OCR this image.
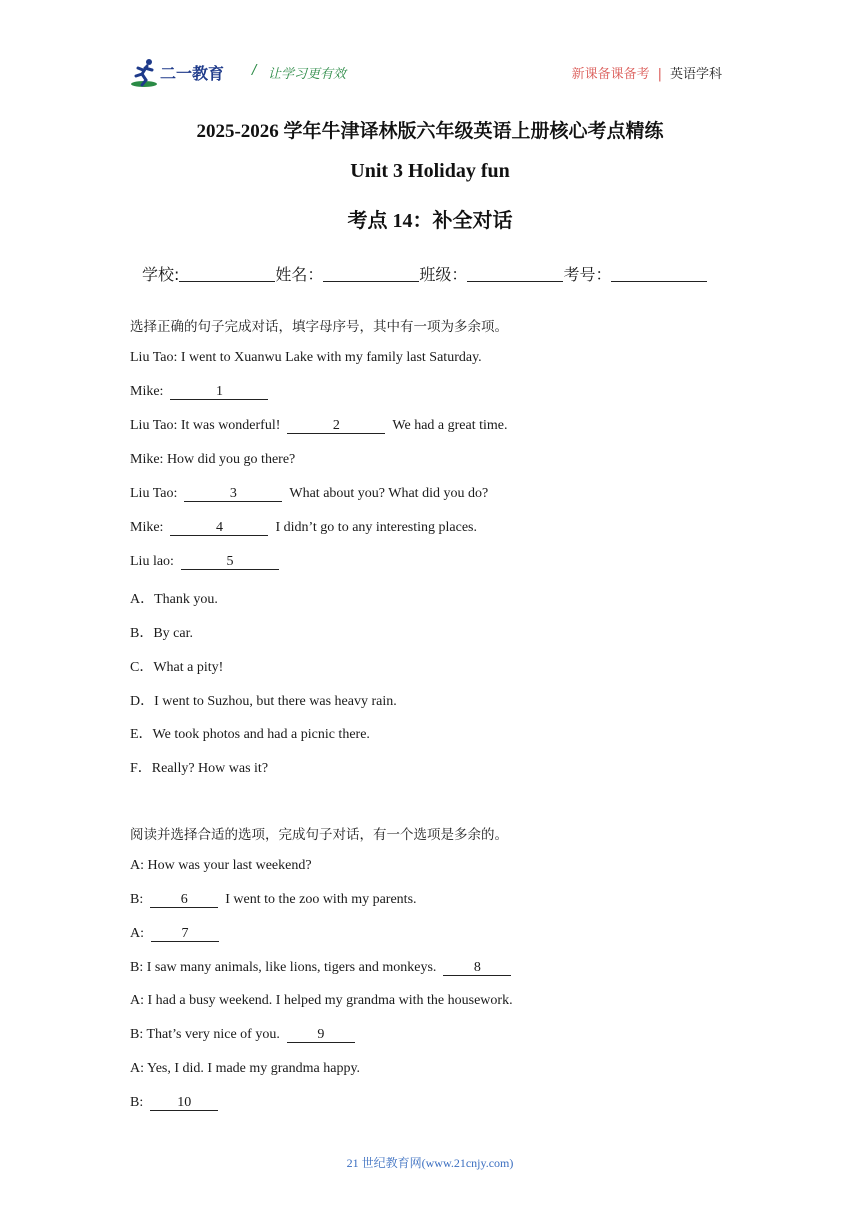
二一教育 / 让学习更有效	新课备课备考 | 英语学科
2025-2026 学年牛津译林版六年级英语上册核心考点精练
Unit 3 Holiday fun
考点 14：补全对话
学校:	姓名：	班级：	考号：
选择正确的句子完成对话，填字母序号，其中有一项为多余项。
Liu Tao: I went to Xuanwu Lake with my family last Saturday.
Mike:	1
Liu Tao: It was wonderful!	2	We had a great time.
Mike: How did you go there?
Liu Tao:	3	What about you? What did you do?
Mike:	4	I didn’t go to any interesting places.
Liu lao:	5
A．Thank you.
B．By car.
C．What a pity!
D．I went to Suzhou, but there was heavy rain.
E．We took photos and had a picnic there.
F．Really? How was it?
阅读并选择合适的选项，完成句子对话，有一个选项是多余的。
A: How was your last weekend?
B:	6	I went to the zoo with my parents.
A:	7
B: I saw many animals, like lions, tigers and monkeys.	8
A: I had a busy weekend. I helped my grandma with the housework.
B: That’s very nice of you.	9
A: Yes, I did. I made my grandma happy.
B: 10
21 世纪教育网(www.21cnjy.com)
